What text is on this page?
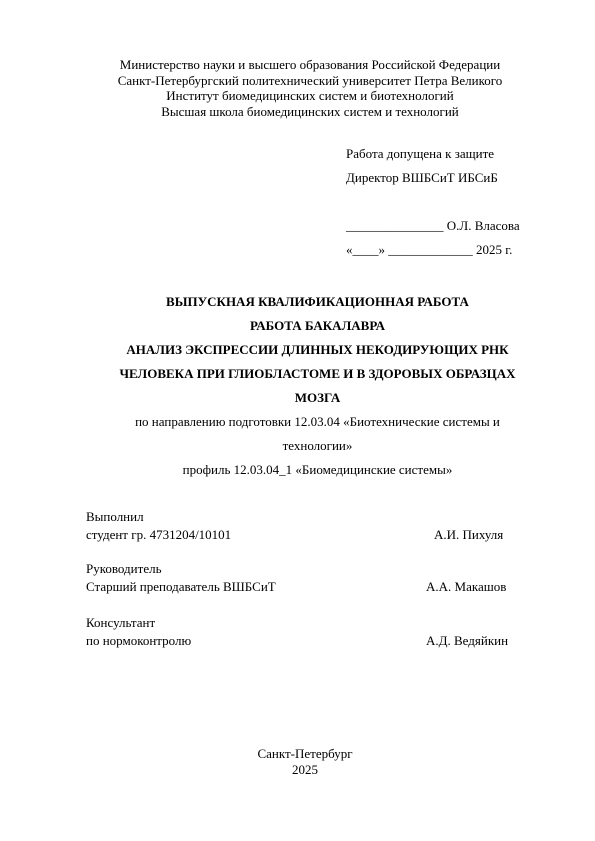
Министерство науки и высшего образования Российской Федерации
Санкт-Петербургский политехнический университет Петра Великого
Институт биомедицинских систем и биотехнологий
Высшая школа биомедицинских систем и технологий
Работа допущена к защите
Директор ВШБСиТ ИБСиБ
_______________ О.Л. Власова
«____» _____________ 2025 г.
ВЫПУСКНАЯ КВАЛИФИКАЦИОННАЯ РАБОТА
РАБОТА БАКАЛАВРА
АНАЛИЗ ЭКСПРЕССИИ ДЛИННЫХ НЕКОДИРУЮЩИХ РНК
ЧЕЛОВЕКА ПРИ ГЛИОБЛАСТОМЕ И В ЗДОРОВЫХ ОБРАЗЦАХ
МОЗГА
по направлению подготовки 12.03.04 «Биотехнические системы и
технологии»
профиль 12.03.04_1 «Биомедицинские системы»
Выполнил
студент гр. 4731204/10101	А.И. Пихуля
Руководитель
Старший преподаватель ВШБСиТ	А.А. Макашов
Консультант
по нормоконтролю	А.Д. Ведяйкин
Санкт-Петербург
2025
